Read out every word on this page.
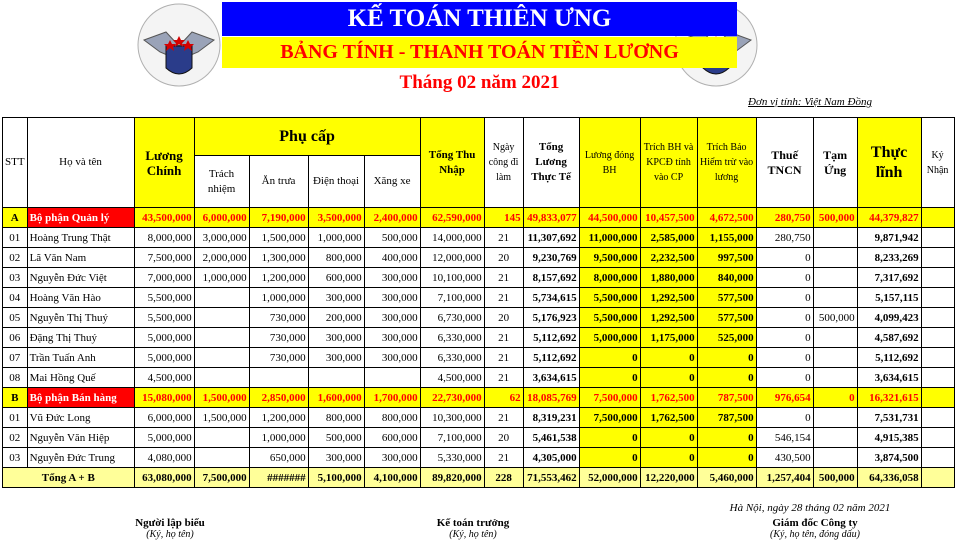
KẾ TOÁN THIÊN ƯNG
BẢNG TÍNH - THANH TOÁN TIỀN LƯƠNG
Tháng 02 năm 2021
Đơn vị tính: Việt Nam Đồng
STT	Họ và tên	Lương Chính	Phụ cấp				Tổng Thu Nhập	Ngày công đi làm	Tổng Lương Thực Tế	Lương đóng BH	Trích BH và KPCĐ tính vào CP	Trích Bảo Hiểm trừ vào lương	Thuế TNCN	Tạm Ứng	Thực lĩnh	Ký Nhận
			Trách nhiệm	Ăn trưa	Điện thoại	Xăng xe										
A	Bộ phận Quản lý	43,500,000	6,000,000	7,190,000	3,500,000	2,400,000	62,590,000	145	49,833,077	44,500,000	10,457,500	4,672,500	280,750	500,000	44,379,827	
01	Hoàng Trung Thật	8,000,000	3,000,000	1,500,000	1,000,000	500,000	14,000,000	21	11,307,692	11,000,000	2,585,000	1,155,000	280,750		9,871,942	
02	Lã Văn Nam	7,500,000	2,000,000	1,300,000	800,000	400,000	12,000,000	20	9,230,769	9,500,000	2,232,500	997,500	0		8,233,269	
03	Nguyễn Đức Việt	7,000,000	1,000,000	1,200,000	600,000	300,000	10,100,000	21	8,157,692	8,000,000	1,880,000	840,000	0		7,317,692	
04	Hoàng Văn Hào	5,500,000		1,000,000	300,000	300,000	7,100,000	21	5,734,615	5,500,000	1,292,500	577,500	0		5,157,115	
05	Nguyễn Thị Thuý	5,500,000		730,000	200,000	300,000	6,730,000	20	5,176,923	5,500,000	1,292,500	577,500	0	500,000	4,099,423	
06	Đặng Thị Thuý	5,000,000		730,000	300,000	300,000	6,330,000	21	5,112,692	5,000,000	1,175,000	525,000	0		4,587,692	
07	Trần Tuấn Anh	5,000,000		730,000	300,000	300,000	6,330,000	21	5,112,692	0	0	0	0		5,112,692	
08	Mai Hồng Quế	4,500,000					4,500,000	21	3,634,615	0	0	0	0		3,634,615	
B	Bộ phận Bán hàng	15,080,000	1,500,000	2,850,000	1,600,000	1,700,000	22,730,000	62	18,085,769	7,500,000	1,762,500	787,500	976,654	0	16,321,615	
01	Vũ Đức Long	6,000,000	1,500,000	1,200,000	800,000	800,000	10,300,000	21	8,319,231	7,500,000	1,762,500	787,500	0		7,531,731	
02	Nguyễn Văn Hiệp	5,000,000		1,000,000	500,000	600,000	7,100,000	20	5,461,538	0	0	0	546,154		4,915,385	
03	Nguyễn Đức Trung	4,080,000		650,000	300,000	300,000	5,330,000	21	4,305,000	0	0	0	430,500		3,874,500	
Tổng A + B		63,080,000	7,500,000	#######	5,100,000	4,100,000	89,820,000	228	71,553,462	52,000,000	12,220,000	5,460,000	1,257,404	500,000	64,336,058	
Hà Nội, ngày 28 tháng 02 năm 2021
Người lập biểu
(Ký, họ tên)
Kế toán trưởng
(Ký, họ tên)
Giám đốc Công ty
(Ký, họ tên, đóng dấu)
